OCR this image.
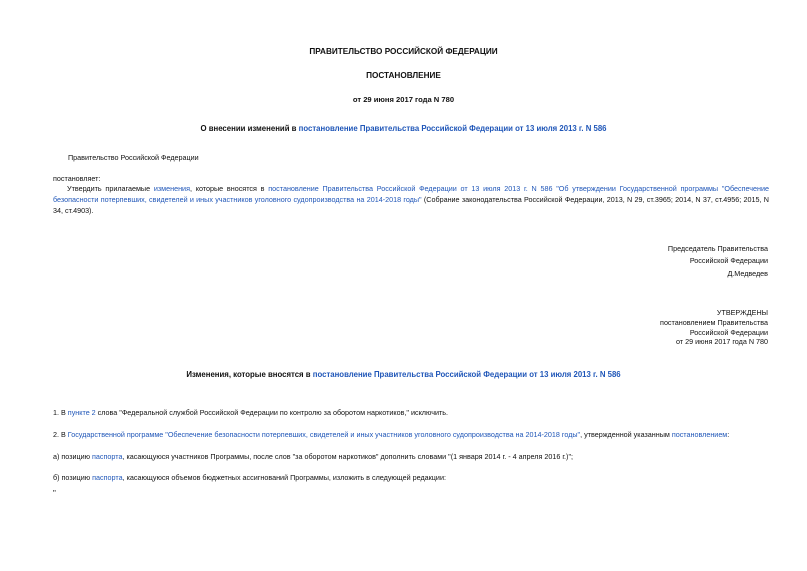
ПРАВИТЕЛЬСТВО РОССИЙСКОЙ ФЕДЕРАЦИИ
ПОСТАНОВЛЕНИЕ
от 29 июня 2017 года N 780
О внесении изменений в постановление Правительства Российской Федерации от 13 июля 2013 г. N 586
Правительство Российской Федерации
постановляет:
Утвердить прилагаемые изменения, которые вносятся в постановление Правительства Российской Федерации от 13 июля 2013 г. N 586 "Об утверждении Государственной программы "Обеспечение безопасности потерпевших, свидетелей и иных участников уголовного судопроизводства на 2014-2018 годы" (Собрание законодательства Российской Федерации, 2013, N 29, ст.3965; 2014, N 37, ст.4956; 2015, N 34, ст.4903).
Председатель Правительства
Российской Федерации
Д.Медведев
УТВЕРЖДЕНЫ
постановлением Правительства
Российской Федерации
от 29 июня 2017 года N 780
Изменения, которые вносятся в постановление Правительства Российской Федерации от 13 июля 2013 г. N 586
1. В пункте 2 слова "Федеральной службой Российской Федерации по контролю за оборотом наркотиков," исключить.
2. В Государственной программе "Обеспечение безопасности потерпевших, свидетелей и иных участников уголовного судопроизводства на 2014-2018 годы", утвержденной указанным постановлением:
а) позицию паспорта, касающуюся участников Программы, после слов "за оборотом наркотиков" дополнить словами "(1 января 2014 г. - 4 апреля 2016 г.)";
б) позицию паспорта, касающуюся объемов бюджетных ассигнований Программы, изложить в следующей редакции:
"
